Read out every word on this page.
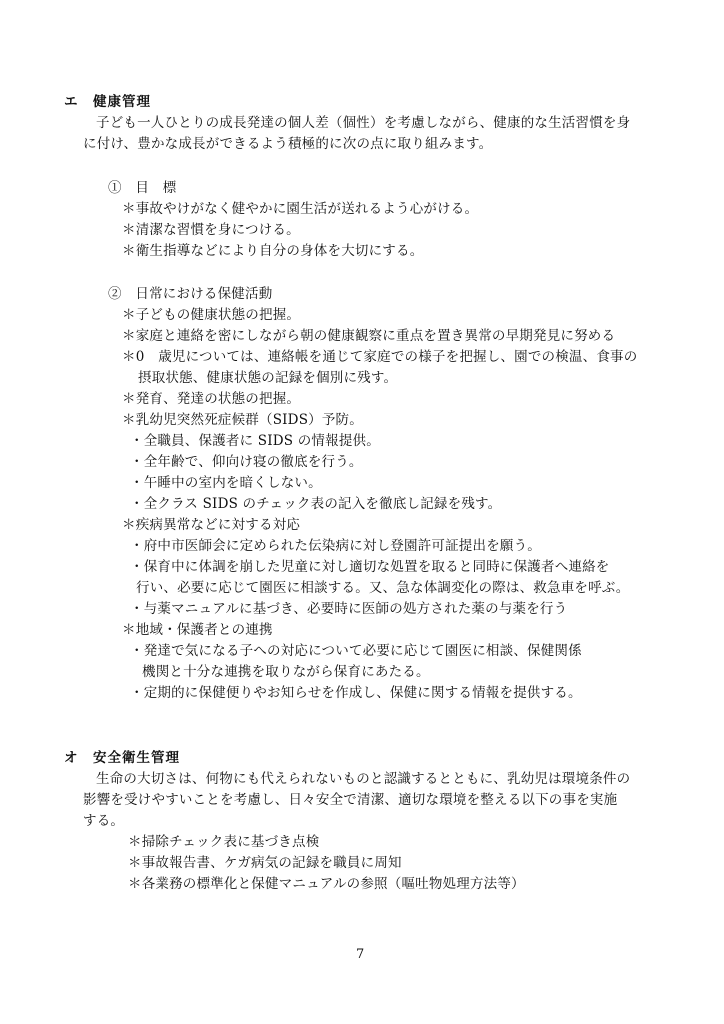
エ　健康管理
子ども一人ひとりの成長発達の個人差（個性）を考慮しながら、健康的な生活習慣を身
に付け、豊かな成長ができるよう積極的に次の点に取り組みます。
①　目　標
＊事故やけがなく健やかに園生活が送れるよう心がける。
＊清潔な習慣を身につける。
＊衛生指導などにより自分の身体を大切にする。
②　日常における保健活動
＊子どもの健康状態の把握。
＊家庭と連絡を密にしながら朝の健康観察に重点を置き異常の早期発見に努める
＊0　歳児については、連絡帳を通じて家庭での様子を把握し、園での検温、食事の
摂取状態、健康状態の記録を個別に残す。
＊発育、発達の状態の把握。
＊乳幼児突然死症候群（SIDS）予防。
・全職員、保護者に SIDS の情報提供。
・全年齢で、仰向け寝の徹底を行う。
・午睡中の室内を暗くしない。
・全クラス SIDS のチェック表の記入を徹底し記録を残す。
＊疾病異常などに対する対応
・府中市医師会に定められた伝染病に対し登園許可証提出を願う。
・保育中に体調を崩した児童に対し適切な処置を取ると同時に保護者へ連絡を
行い、必要に応じて園医に相談する。又、急な体調変化の際は、救急車を呼ぶ。
・与薬マニュアルに基づき、必要時に医師の処方された薬の与薬を行う
＊地域・保護者との連携
・発達で気になる子への対応について必要に応じて園医に相談、保健関係
機関と十分な連携を取りながら保育にあたる。
・定期的に保健便りやお知らせを作成し、保健に関する情報を提供する。
オ　安全衛生管理
生命の大切さは、何物にも代えられないものと認識するとともに、乳幼児は環境条件の
影響を受けやすいことを考慮し、日々安全で清潔、適切な環境を整える以下の事を実施
する。
＊掃除チェック表に基づき点検
＊事故報告書、ケガ病気の記録を職員に周知
＊各業務の標準化と保健マニュアルの参照（嘔吐物処理方法等）
7
